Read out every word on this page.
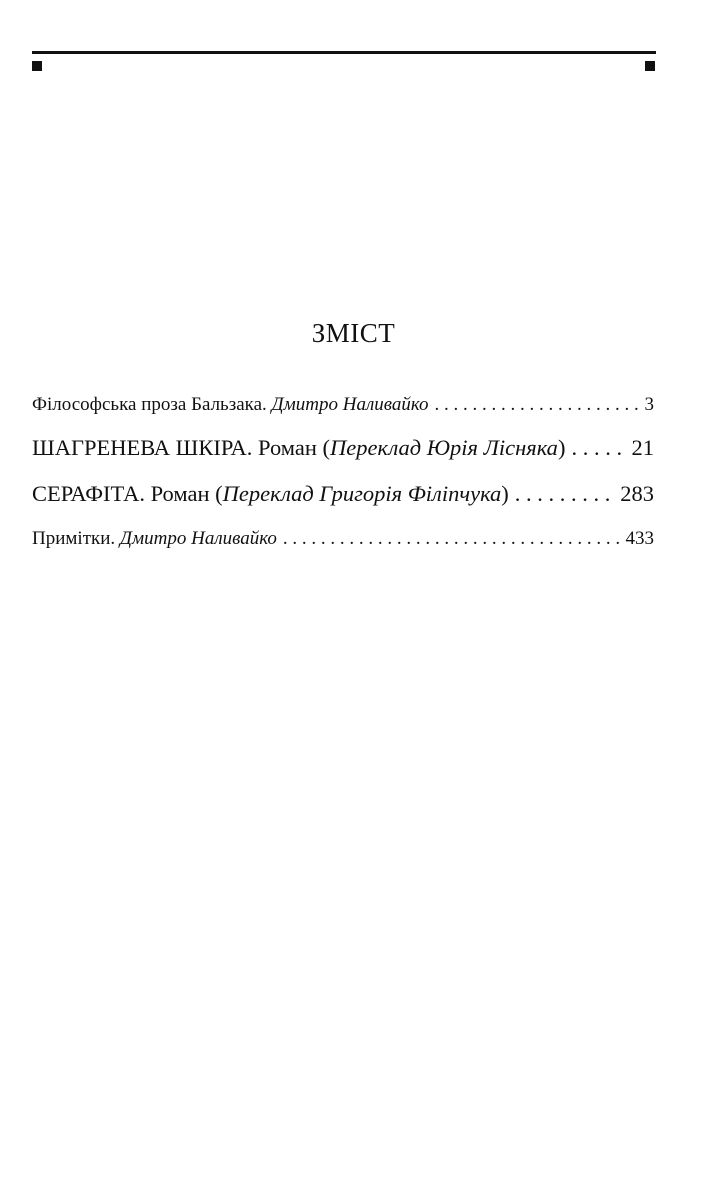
ЗМІСТ
Філософська проза Бальзака. Дмитро Наливайко . . .	3
ШАГРЕНЕВА ШКІРА. Роман (Переклад Юрія Лісняка) . . .	21
СЕРАФІТА. Роман (Переклад Григорія Філіпчука) . . .	283
Примітки. Дмитро Наливайко . . .	433
